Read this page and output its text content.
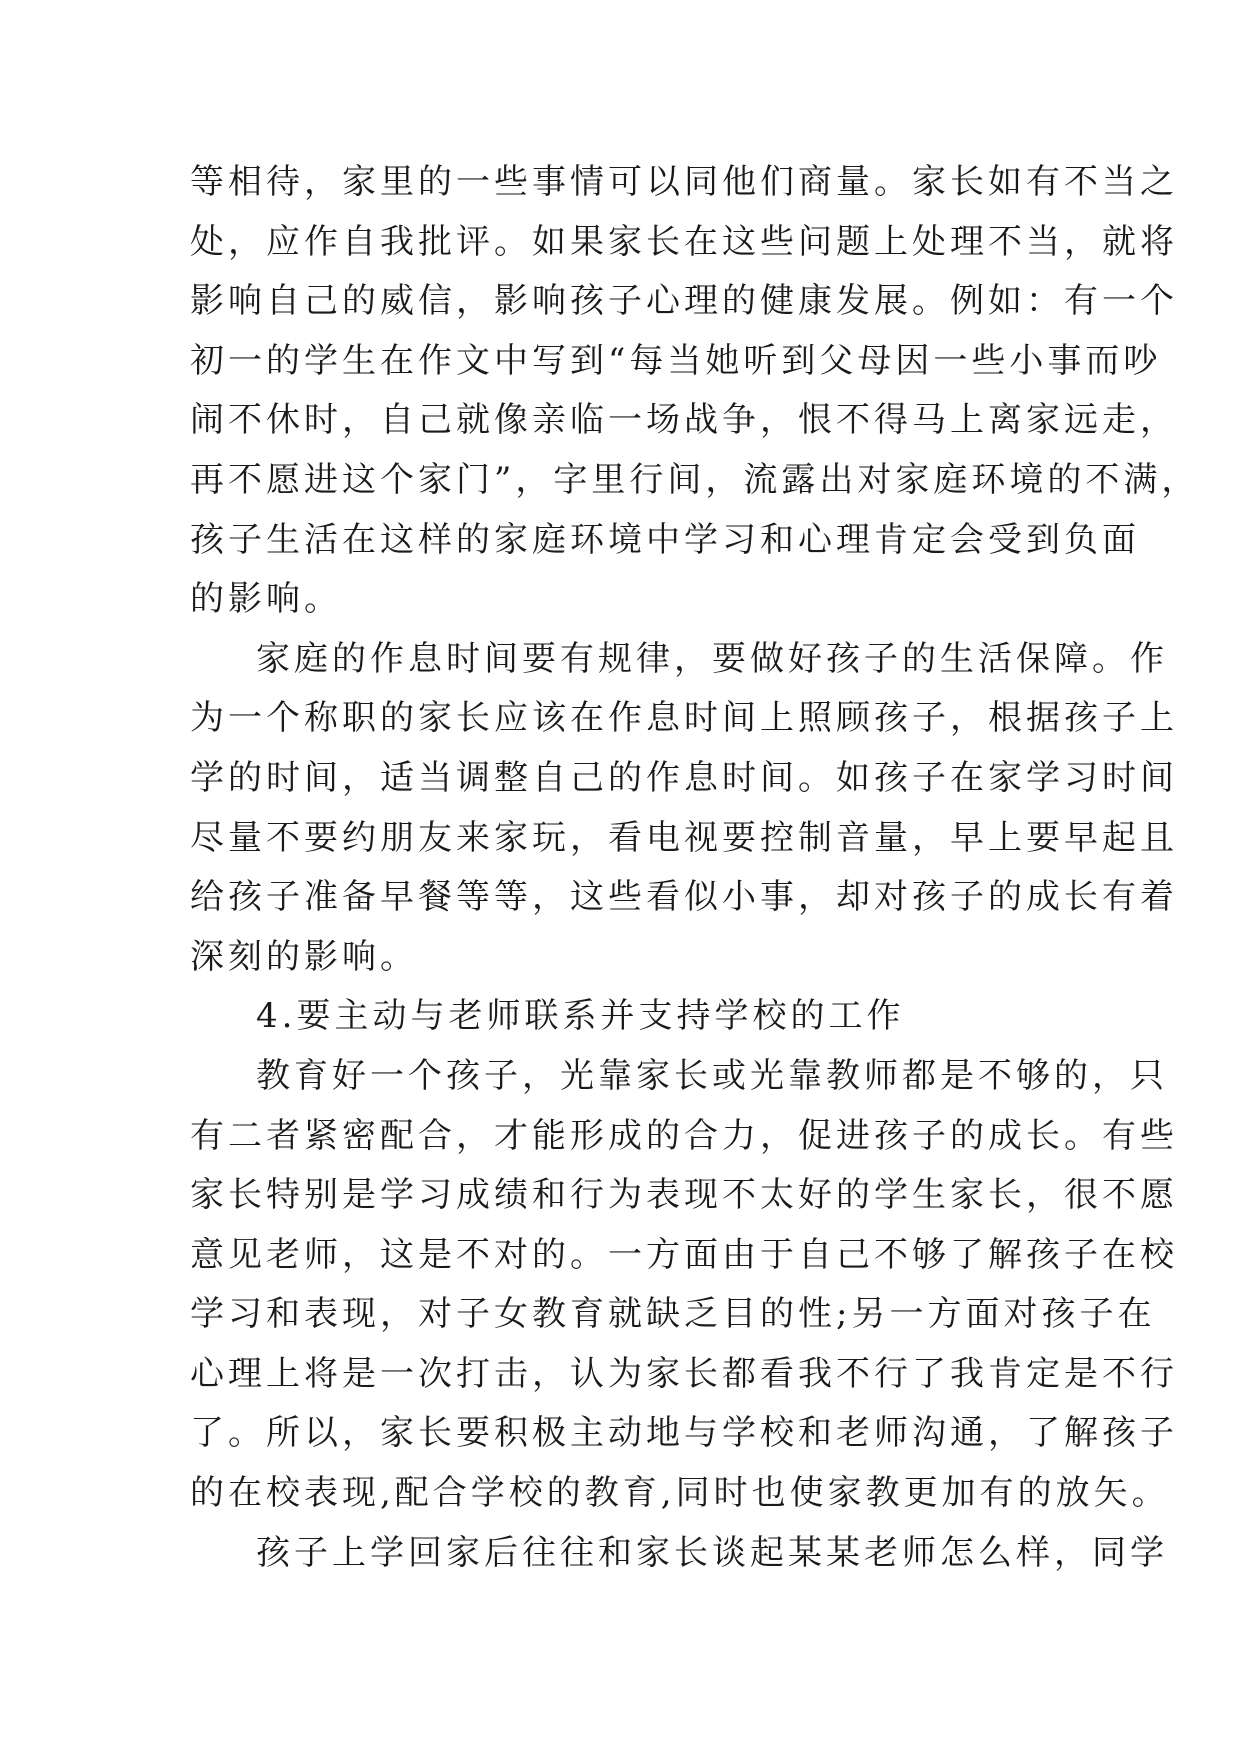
等相待，家里的一些事情可以同他们商量。家长如有不当之
处，应作自我批评。如果家长在这些问题上处理不当，就将
影响自己的威信，影响孩子心理的健康发展。例如：有一个
初一的学生在作文中写到“每当她听到父母因一些小事而吵
闹不休时，自己就像亲临一场战争，恨不得马上离家远走，
再不愿进这个家门”，字里行间，流露出对家庭环境的不满，
孩子生活在这样的家庭环境中学习和心理肯定会受到负面
的影响。
家庭的作息时间要有规律，要做好孩子的生活保障。作
为一个称职的家长应该在作息时间上照顾孩子，根据孩子上
学的时间，适当调整自己的作息时间。如孩子在家学习时间
尽量不要约朋友来家玩，看电视要控制音量，早上要早起且
给孩子准备早餐等等，这些看似小事，却对孩子的成长有着
深刻的影响。
4.要主动与老师联系并支持学校的工作
教育好一个孩子，光靠家长或光靠教师都是不够的，只
有二者紧密配合，才能形成的合力，促进孩子的成长。有些
家长特别是学习成绩和行为表现不太好的学生家长，很不愿
意见老师，这是不对的。一方面由于自己不够了解孩子在校
学习和表现，对子女教育就缺乏目的性;另一方面对孩子在
心理上将是一次打击，认为家长都看我不行了我肯定是不行
了。所以，家长要积极主动地与学校和老师沟通，了解孩子
的在校表现,配合学校的教育,同时也使家教更加有的放矢。
孩子上学回家后往往和家长谈起某某老师怎么样，同学
